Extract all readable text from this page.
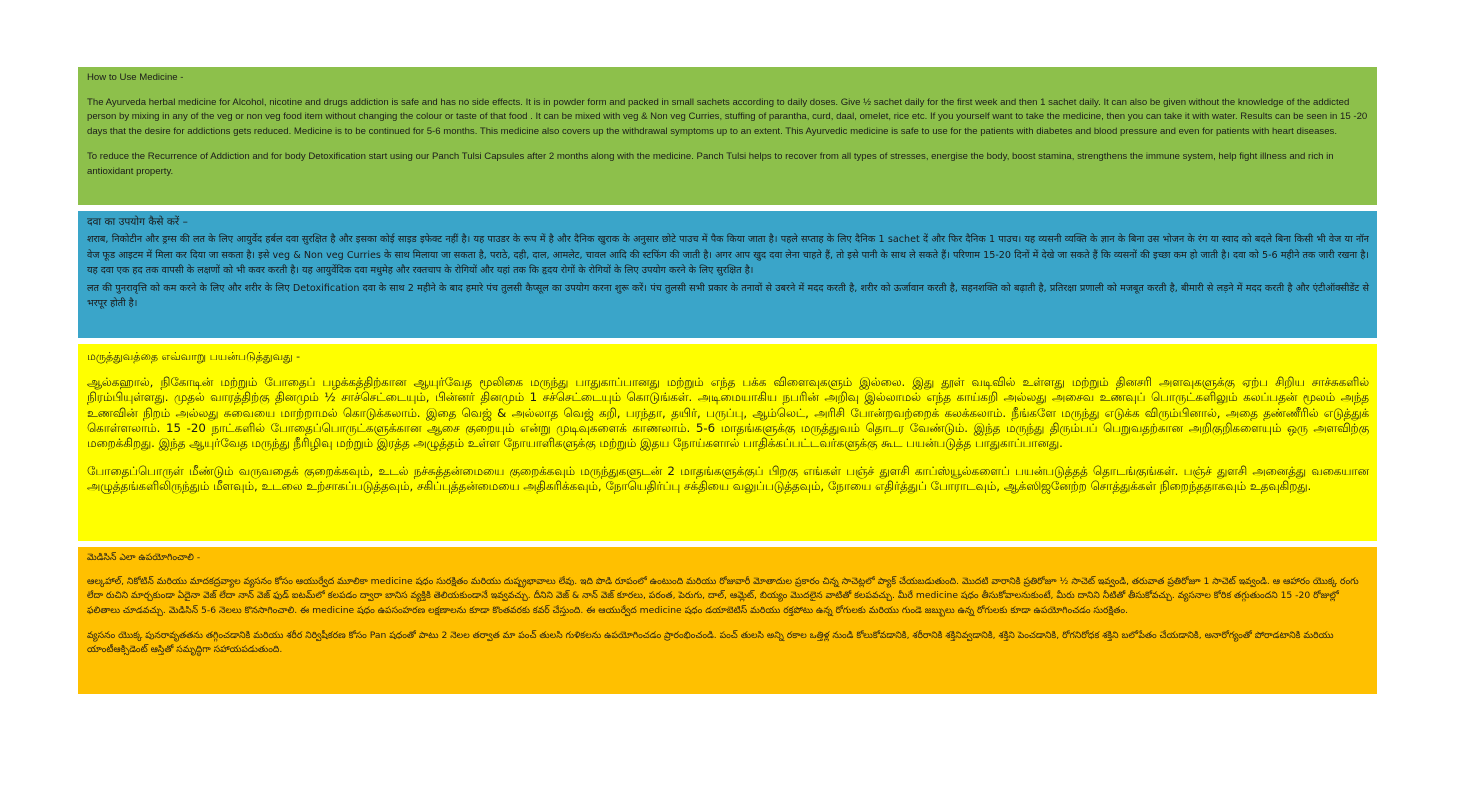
How to Use Medicine -

The Ayurveda herbal medicine for Alcohol, nicotine and drugs addiction is safe and has no side effects. It is in powder form and packed in small sachets according to daily doses. Give ½ sachet daily for the first week and then 1 sachet daily. It can also be given without the knowledge of the addicted person by mixing in any of the veg or non veg food item without changing the colour or taste of that food . It can be mixed with veg & Non veg Curries, stuffing of parantha, curd, daal, omelet, rice etc. If you yourself want to take the medicine, then you can take it with water. Results can be seen in 15 -20 days that the desire for addictions gets reduced. Medicine is to be continued for 5-6 months. This medicine also covers up the withdrawal symptoms up to an extent. This Ayurvedic medicine is safe to use for the patients with diabetes and blood pressure and even for patients with heart diseases.

To reduce the Recurrence of Addiction and for body Detoxification start using our Panch Tulsi Capsules after 2 months along with the medicine. Panch Tulsi helps to recover from all types of stresses, energise the body, boost stamina, strengthens the immune system, help fight illness and rich in antioxidant property.

दवा का उपयोग कैसे करें –

शराब, निकोटीन और ड्रग्स की लत के लिए आयुर्वेद हर्बल दवा सुरक्षित है और इसका कोई साइड इफेक्ट नहीं है। यह पाउडर के रूप में है और दैनिक खुराक के अनुसार छोटे पाउच में पैक किया जाता है। पहले सप्ताह के लिए दैनिक 1 sachet दें और फिर दैनिक 1 पाउच। यह व्यसनी व्यक्ति के ज्ञान के बिना उस भोजन के रंग या स्वाद को बदले बिना किसी भी वेज या नॉन वेज फूड आइटम में मिला कर दिया जा सकता है। इसे veg & Non veg Curries के साथ मिलाया जा सकता है, पराठे, दही, दाल, आमलेट, चावल आदि की स्टफिंग की जाती है। अगर आप खुद दवा लेना चाहते हैं, तो इसे पानी के साथ ले सकते हैं। परिणाम 15-20 दिनों में देखे जा सकते हैं कि व्यसनों की इच्छा कम हो जाती है। दवा को 5-6 महीने तक जारी रखना है। यह दवा एक हद तक वापसी के लक्षणों को भी कवर करती है। यह आयुर्वेदिक दवा मधुमेह और रक्तचाप के रोगियों और यहां तक कि हृदय रोगों के रोगियों के लिए उपयोग करने के लिए सुरक्षित है।

लत की पुनरावृत्ति को कम करने के लिए और शरीर के लिए Detoxification दवा के साथ 2 महीने के बाद हमारे पंच तुलसी कैप्सूल का उपयोग करना शुरू करें। पंच तुलसी सभी प्रकार के तनावों से उबरने में मदद करती है, शरीर को ऊर्जावान करती है, सहनशक्ति को बढ़ाती है, प्रतिरक्षा प्रणाली को मजबूत करती है, बीमारी से लड़ने में मदद करती है और एंटीऑक्सीडेंट से भरपूर होती है।

மருத்துவத்தை எவ்வாறு பயன்படுத்துவது -

ஆல்கஹால், நிகோடின் மற்றும் போதைப் பழக்கத்திற்கான ஆயுர்வேத மூலிகை மருந்து பாதுகாப்பானது மற்றும் எந்த பக்க விளைவுகளும் இல்லை. இது தூள் வடிவில் உள்ளது மற்றும் தினசரி அளவுகளுக்கு ஏற்ப சிறிய சாச்சுகளில் நிரம்பியுள்ளது. முதல் வாரத்திற்கு தினமும் ½ சாச்செட்டையும், பின்னர் தினமும் 1 சச்செட்டையும் கொடுங்கள். அடிமையாகிய நபரின் அறிவு இல்லாமல் எந்த காய்கறி அல்லது அசைவ உணவுப் பொருட்களிலும் கலப்பதன் மூலம் அந்த உணவின் நிறம் அல்லது சுவையை மாற்றாமல் கொடுக்கலாம். இதை வெஜ் & அல்லாத வெஜ் கறி, பரந்தா, தயிர், பருப்பு, ஆம்லெட், அரிசி போன்றவற்றைக் கலக்கலாம். நீங்களே மருந்து எடுக்க விரும்பினால், அதை தண்ணீரில் எடுத்துக் கொள்ளலாம். 15 -20 நாட்களில் போதைப்பொருட்களுக்கான ஆசை குறையும் என்று முடிவுகளைக் காணலாம். 5-6 மாதங்களுக்கு மருத்துவம் தொடர வேண்டும். இந்த மருந்து திரும்பப் பெறுவதற்கான அறிகுறிகளையும் ஒரு அளவிற்கு மறைக்கிறது. இந்த ஆயுர்வேத மருந்து நீரிழிவு மற்றும் இரத்த அழுத்தம் உள்ள நோயாளிகளுக்கு மற்றும் இதய நோய்களால் பாதிக்கப்பட்டவர்களுக்கு கூட பயன்படுத்த பாதுகாப்பானது.

போதைப்பொருள் மீண்டும் வருவதைக் குறைக்கவும், உடல் நச்சுத்தன்மையை குறைக்கவும் மருந்துகளுடன் 2 மாதங்களுக்குப் பிறகு எங்கள் பஞ்ச் துளசி காப்ஸ்யூல்களைப் பயன்படுத்தத் தொடங்குங்கள். பஞ்ச் துளசி அனைத்து வகையான அழுத்தங்களிலிருந்தும் மீளவும், உடலை உற்சாகப்படுத்தவும், சகிப்புத்தன்மையை அதிகரிக்கவும், நோயெதிர்ப்பு சக்தியை வலுப்படுத்தவும், நோயை எதிர்த்துப் போராடவும், ஆக்ஸிஜனேற்ற சொத்துக்கள் நிறைந்ததாகவும் உதவுகிறது.

మెడిసిన్ ఎలా ఉపయోగించాలి -

ఆల్కహాల్, నికోటిన్ మరియు మాదకద్రవ్యాల వ్యసనం కోసం ఆయుర్వేద మూలికా medicine షధం సురక్షితం మరియు దుష్ప్రభావాలు లేవు. ఇది పొడి రూపంలో ఉంటుంది మరియు రోజువారీ మోతాదుల ప్రకారం చిన్న సాచెట్లలో ప్యాక్ చేయబడుతుంది. మొదటి వారానికి ప్రతిరోజూ ½ సాచెట్ ఇవ్వండి, తరువాత ప్రతిరోజూ 1 సాచెట్ ఇవ్వండి. ఆ ఆహారం యొక్క రంగు లేదా రుచిని మార్చకుండా ఏదైనా వెజ్ లేదా నాన్ వెజ్ ఫుడ్ ఐటమ్‌లో కలపడం ద్వారా బానిస వ్యక్తికి తెలియకుండానే ఇవ్వవచ్చు. దీనిని వెజ్ & నాన్ వెజ్ కూరలు, పరంత, పెరుగు, దాల్, ఆమ్లెట్, బియ్యం మొదలైన వాటితో కలపవచ్చు. మీరే medicine షధం తీసుకోవాలనుకుంటే, మీరు దానిని నీటితో తీసుకోవచ్చు. వ్యసనాల కోరిక తగ్గుతుందని 15 -20 రోజుల్లో ఫలితాలు చూడవచ్చు. మెడిసిన్ 5-6 నెలలు కొనసాగించాలి. ఈ medicine షధం ఉపసంహరణ లక్షణాలను కూడా కొంతవరకు కవర్ చేస్తుంది. ఈ ఆయుర్వేద medicine షధం డయాబెటిస్ మరియు రక్తపోటు ఉన్న రోగులకు మరియు గుండె జబ్బులు ఉన్న రోగులకు కూడా ఉపయోగించడం సురక్షితం.

వ్యసనం యొక్క పునరావృతతను తగ్గించడానికి మరియు శరీర నిర్విషీకరణ కోసం Pan షధంతో పాటు 2 నెలల తర్వాత మా పంచ్ తులసి గుళికలను ఉపయోగించడం ప్రారంభించండి. పంచ్ తులసి అన్ని రకాల ఒత్తిళ్ల నుండి కోలుకోవడానికి, శరీరానికి శక్తినివ్వడానికి, శక్తిని పెంచడానికి, రోగనిరోధక శక్తిని బలోపేతం చేయడానికి, అనారోగ్యంతో పోరాడటానికి మరియు యాంటీఆక్సిడెంట్ ఆస్తితో సమృద్ధిగా సహాయపడుతుంది.
